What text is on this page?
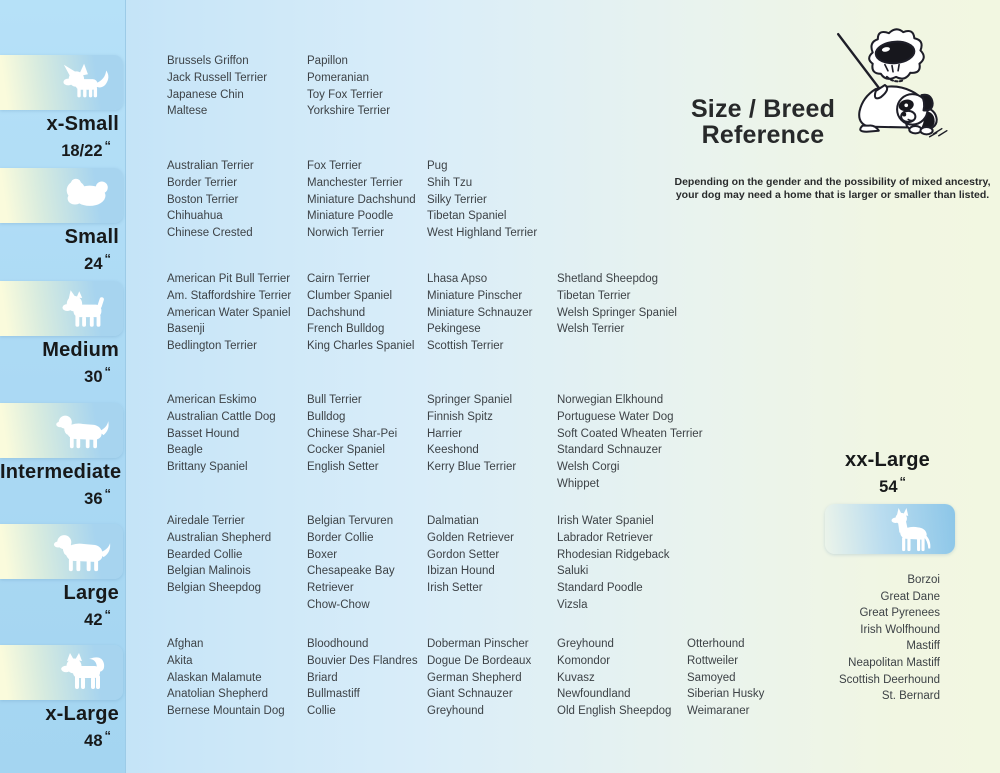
x-Small
18/22 “
Brussels Griffon
Jack Russell Terrier
Japanese Chin
Maltese
Papillon
Pomeranian
Toy Fox Terrier
Yorkshire Terrier
Small
24 “
Australian Terrier
Border Terrier
Boston Terrier
Chihuahua
Chinese Crested
Fox Terrier
Manchester Terrier
Miniature Dachshund
Miniature Poodle
Norwich Terrier
Pug
Shih Tzu
Silky Terrier
Tibetan Spaniel
West Highland Terrier
Medium
30 “
American Pit Bull Terrier
Am. Staffordshire Terrier
American Water Spaniel
Basenji
Bedlington Terrier
Cairn Terrier
Clumber Spaniel
Dachshund
French Bulldog
King Charles Spaniel
Lhasa Apso
Miniature Pinscher
Miniature Schnauzer
Pekingese
Scottish Terrier
Shetland Sheepdog
Tibetan Terrier
Welsh Springer Spaniel
Welsh Terrier
Intermediate
36 “
American Eskimo
Australian Cattle Dog
Basset Hound
Beagle
Brittany Spaniel
Bull Terrier
Bulldog
Chinese Shar-Pei
Cocker Spaniel
English Setter
Springer Spaniel
Finnish Spitz
Harrier
Keeshond
Kerry Blue Terrier
Norwegian Elkhound
Portuguese Water Dog
Soft Coated Wheaten Terrier
Standard Schnauzer
Welsh Corgi
Whippet
Large
42 “
Airedale Terrier
Australian Shepherd
Bearded Collie
Belgian Malinois
Belgian Sheepdog
Belgian Tervuren
Border Collie
Boxer
Chesapeake Bay Retriever
Chow-Chow
Dalmatian
Golden Retriever
Gordon Setter
Ibizan Hound
Irish Setter
Irish Water Spaniel
Labrador Retriever
Rhodesian Ridgeback
Saluki
Standard Poodle
Vizsla
x-Large
48 “
Afghan
Akita
Alaskan Malamute
Anatolian Shepherd
Bernese Mountain Dog
Bloodhound
Bouvier Des Flandres
Briard
Bullmastiff
Collie
Doberman Pinscher
Dogue De Bordeaux
German Shepherd
Giant Schnauzer
Greyhound
Greyhound
Komondor
Kuvasz
Newfoundland
Old English Sheepdog
Otterhound
Rottweiler
Samoyed
Siberian Husky
Weimaraner
Size / Breed
Reference
Depending on the gender and the possibility of mixed ancestry,
your dog may need a home that is larger or smaller than listed.
xx-Large
54 “
Borzoi
Great Dane
Great Pyrenees
Irish Wolfhound
Mastiff
Neapolitan Mastiff
Scottish Deerhound
St. Bernard
